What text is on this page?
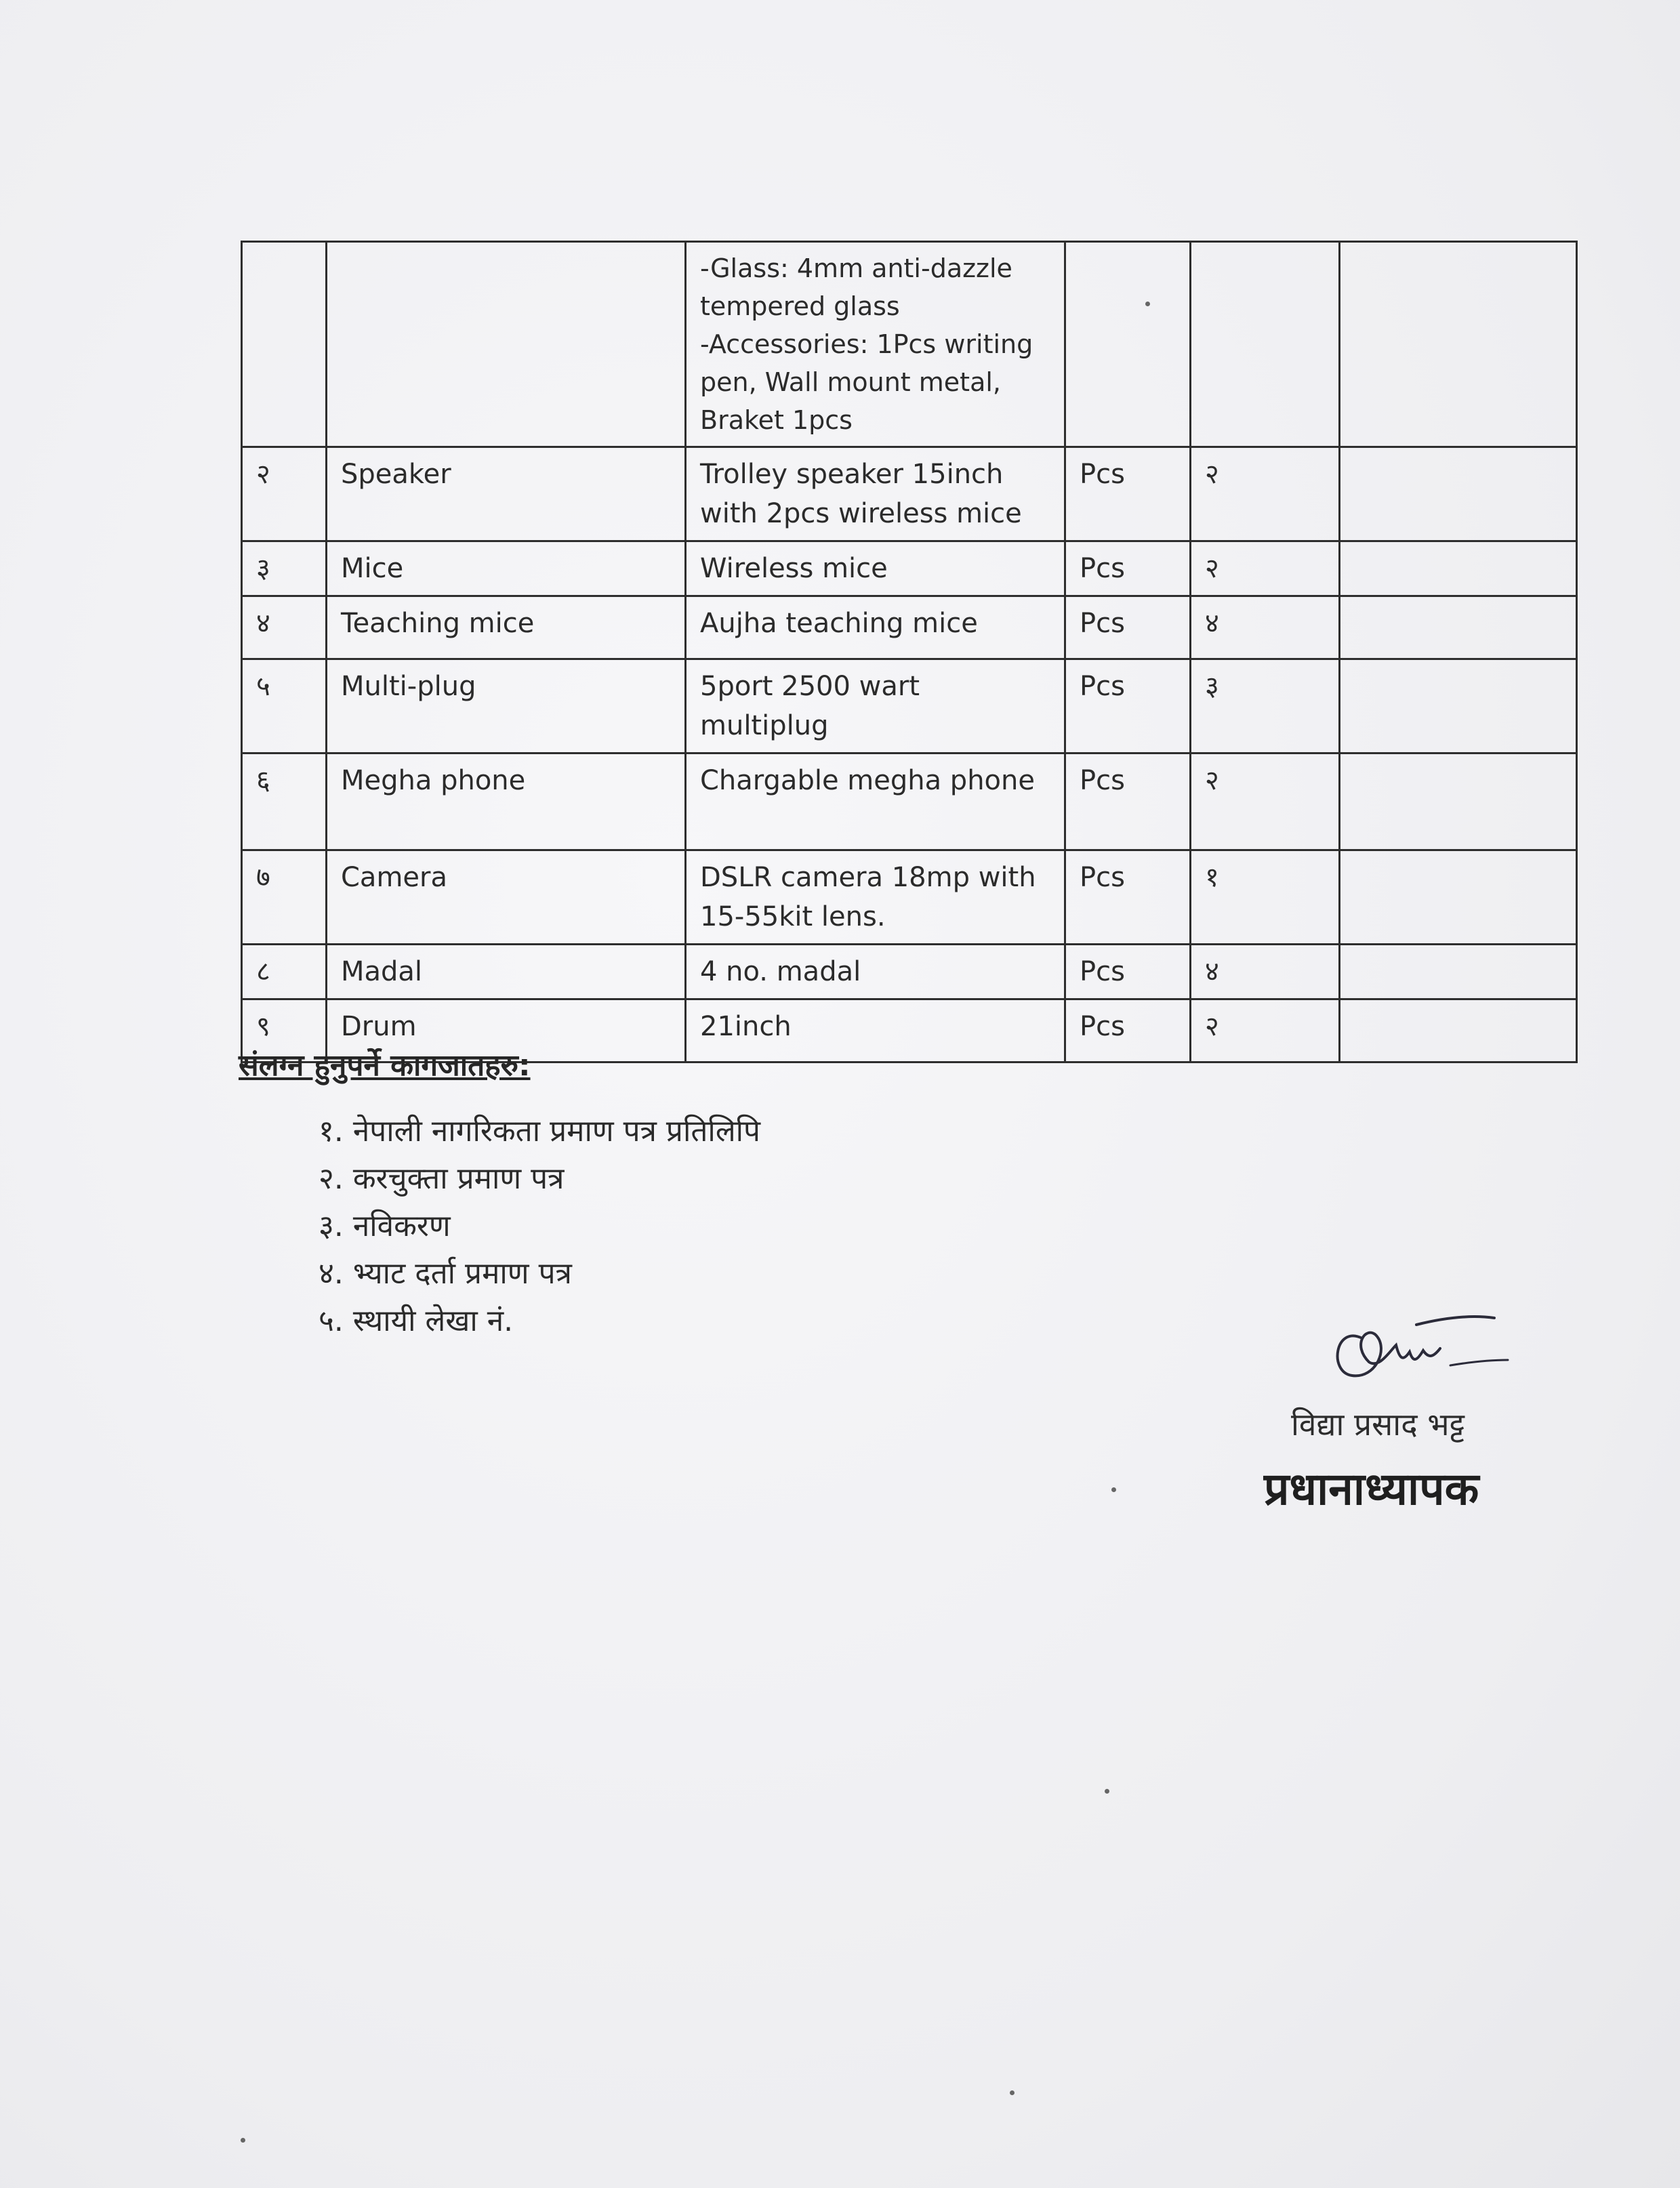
		-Glass: 4mm anti-dazzle
tempered glass
-Accessories: 1Pcs writing
pen, Wall mount metal,
Braket 1pcs			

२	Speaker	Trolley speaker 15inch with 2pcs wireless mice	Pcs	२	
३	Mice	Wireless mice	Pcs	२	
४	Teaching mice	Aujha teaching mice	Pcs	४	
५	Multi-plug	5port 2500 wart multiplug	Pcs	३	
६	Megha phone	Chargable megha phone	Pcs	२	
७	Camera	DSLR camera 18mp with 15-55kit lens.	Pcs	१	
८	Madal	4 no. madal	Pcs	४	
९	Drum	21inch	Pcs	२	
संलग्न हुनुपर्ने कागजातहरु:
१. नेपाली नागरिकता प्रमाण पत्र प्रतिलिपि
२. करचुक्ता प्रमाण पत्र
३. नविकरण
४. भ्याट दर्ता प्रमाण पत्र
५. स्थायी लेखा नं.
विद्या प्रसाद भट्ट
प्रधानाध्यापक
